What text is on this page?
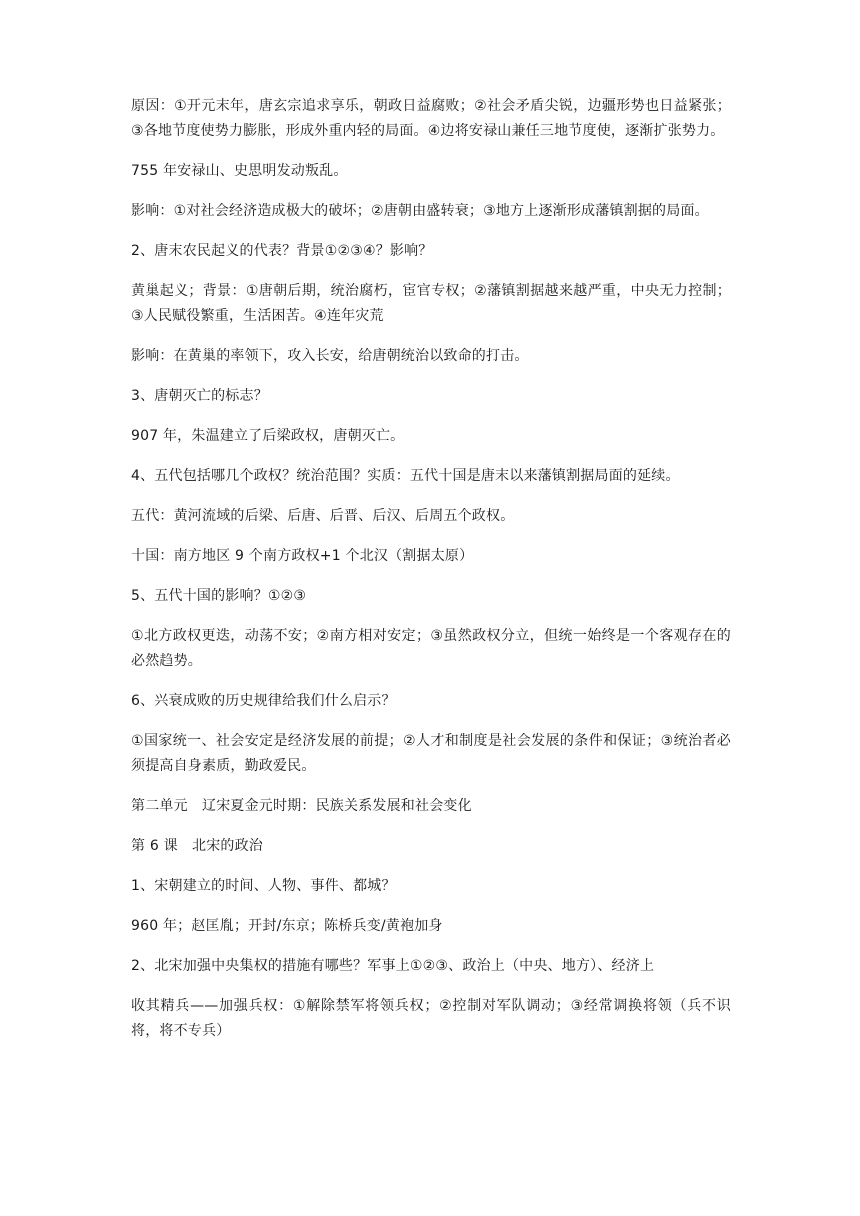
原因：①开元末年，唐玄宗追求享乐，朝政日益腐败；②社会矛盾尖锐，边疆形势也日益紧张；③各地节度使势力膨胀，形成外重内轻的局面。④边将安禄山兼任三地节度使，逐渐扩张势力。

755 年安禄山、史思明发动叛乱。

影响：①对社会经济造成极大的破坏；②唐朝由盛转衰；③地方上逐渐形成藩镇割据的局面。

2、唐末农民起义的代表？背景①②③④？影响？

黄巢起义；背景：①唐朝后期，统治腐朽，宦官专权；②藩镇割据越来越严重，中央无力控制；③人民赋役繁重，生活困苦。④连年灾荒

影响：在黄巢的率领下，攻入长安，给唐朝统治以致命的打击。

3、唐朝灭亡的标志？

907 年，朱温建立了后梁政权，唐朝灭亡。

4、五代包括哪几个政权？统治范围？实质：五代十国是唐末以来藩镇割据局面的延续。

五代：黄河流域的后梁、后唐、后晋、后汉、后周五个政权。

十国：南方地区 9 个南方政权+1 个北汉（割据太原）

5、五代十国的影响？①②③

①北方政权更迭，动荡不安；②南方相对安定；③虽然政权分立，但统一始终是一个客观存在的必然趋势。

6、兴衰成败的历史规律给我们什么启示？

①国家统一、社会安定是经济发展的前提；②人才和制度是社会发展的条件和保证；③统治者必须提高自身素质，勤政爱民。

第二单元　辽宋夏金元时期：民族关系发展和社会变化

第 6 课　北宋的政治

1、宋朝建立的时间、人物、事件、都城？

960 年；赵匡胤；开封/东京；陈桥兵变/黄袍加身

2、北宋加强中央集权的措施有哪些？军事上①②③、政治上（中央、地方）、经济上

收其精兵——加强兵权：①解除禁军将领兵权；②控制对军队调动；③经常调换将领（兵不识将，将不专兵）
